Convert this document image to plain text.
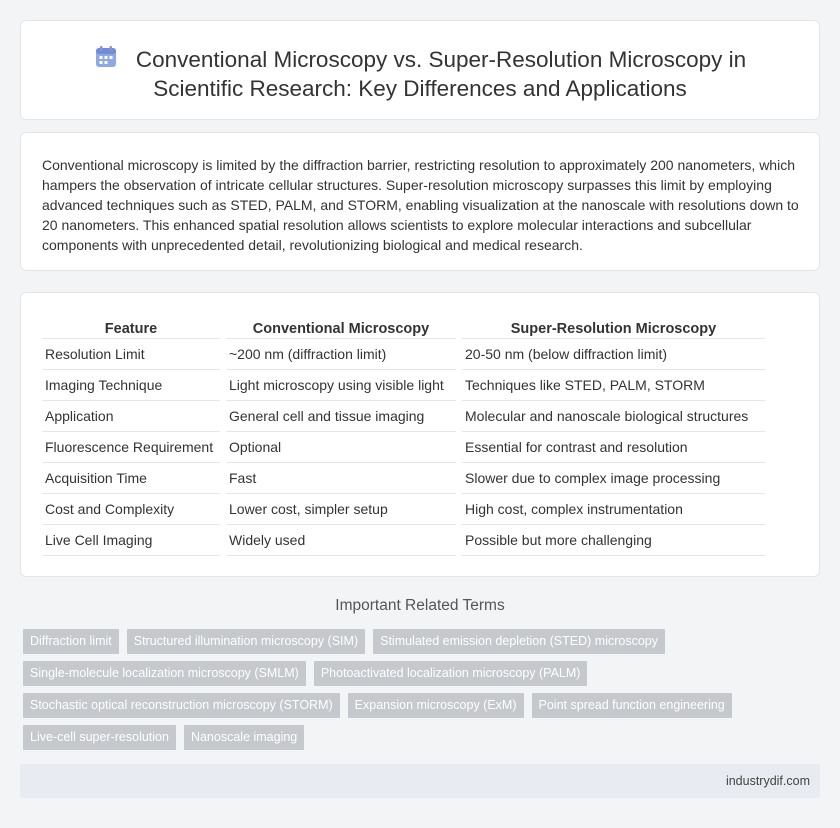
Conventional Microscopy vs. Super-Resolution Microscopy in
Scientific Research: Key Differences and Applications

Conventional microscopy is limited by the diffraction barrier, restricting resolution to approximately 200 nanometers, which hampers the observation of intricate cellular structures. Super-resolution microscopy surpasses this limit by employing advanced techniques such as STED, PALM, and STORM, enabling visualization at the nanoscale with resolutions down to 20 nanometers. This enhanced spatial resolution allows scientists to explore molecular interactions and subcellular components with unprecedented detail, revolutionizing biological and medical research.

Feature	Conventional Microscopy	Super-Resolution Microscopy
Resolution Limit	~200 nm (diffraction limit)	20-50 nm (below diffraction limit)
Imaging Technique	Light microscopy using visible light	Techniques like STED, PALM, STORM
Application	General cell and tissue imaging	Molecular and nanoscale biological structures
Fluorescence Requirement	Optional	Essential for contrast and resolution
Acquisition Time	Fast	Slower due to complex image processing
Cost and Complexity	Lower cost, simpler setup	High cost, complex instrumentation
Live Cell Imaging	Widely used	Possible but more challenging
Important Related Terms
Diffraction limit	Structured illumination microscopy (SIM)	Stimulated emission depletion (STED) microscopy
Single-molecule localization microscopy (SMLM)	Photoactivated localization microscopy (PALM)
Stochastic optical reconstruction microscopy (STORM)	Expansion microscopy (ExM)	Point spread function engineering
Live-cell super-resolution	Nanoscale imaging
industrydif.com
